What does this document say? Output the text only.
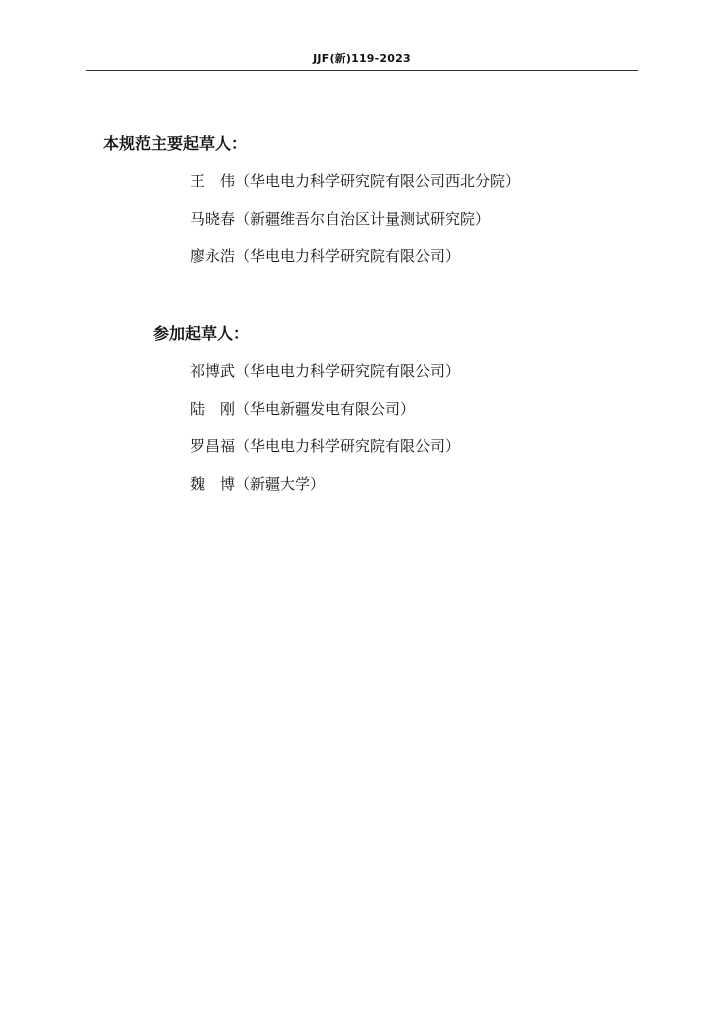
JJF(新)119-2023
本规范主要起草人：
王　伟（华电电力科学研究院有限公司西北分院）
马晓春（新疆维吾尔自治区计量测试研究院）
廖永浩（华电电力科学研究院有限公司）
参加起草人：
祁博武（华电电力科学研究院有限公司）
陆　刚（华电新疆发电有限公司）
罗昌福（华电电力科学研究院有限公司）
魏　博（新疆大学）
